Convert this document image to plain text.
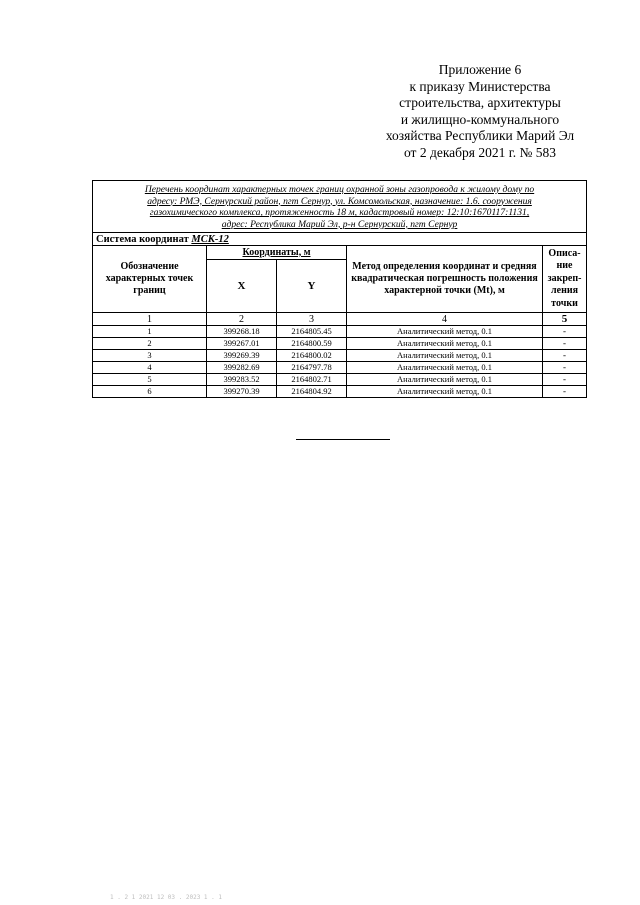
Приложение 6
к приказу Министерства
строительства, архитектуры
и жилищно-коммунального
хозяйства Республики Марий Эл
от 2 декабря 2021 г. № 583
Перечень координат характерных точек границ охранной зоны газопровода к жилому дому по
адресу: РМЭ, Сернурский район, пгт Сернур, ул. Комсомольская, назначение: 1.6. сооружения
газохимического комплекса, протяженность 18 м, кадастровый номер: 12:10:1670117:1131,
адрес: Республика Марий Эл, р-н Сернурский, пгт Сернур				

Система координат МСК-12				
Обозначение характерных точек границ	Координаты, м		Метод определения координат и средняя квадратическая погрешность положения характерной точки (Mt), м	Описа-ние закреп-ления точки
	X	Y		
1	2	3	4	5
1	399268.18	2164805.45	Аналитический метод, 0.1	-
2	399267.01	2164800.59	Аналитический метод, 0.1	-
3	399269.39	2164800.02	Аналитический метод, 0.1	-
4	399282.69	2164797.78	Аналитический метод, 0.1	-
5	399283.52	2164802.71	Аналитический метод, 0.1	-
6	399270.39	2164804.92	Аналитический метод, 0.1	-
1 . 2 1 2021 12 03 . 2023 1 . 1
